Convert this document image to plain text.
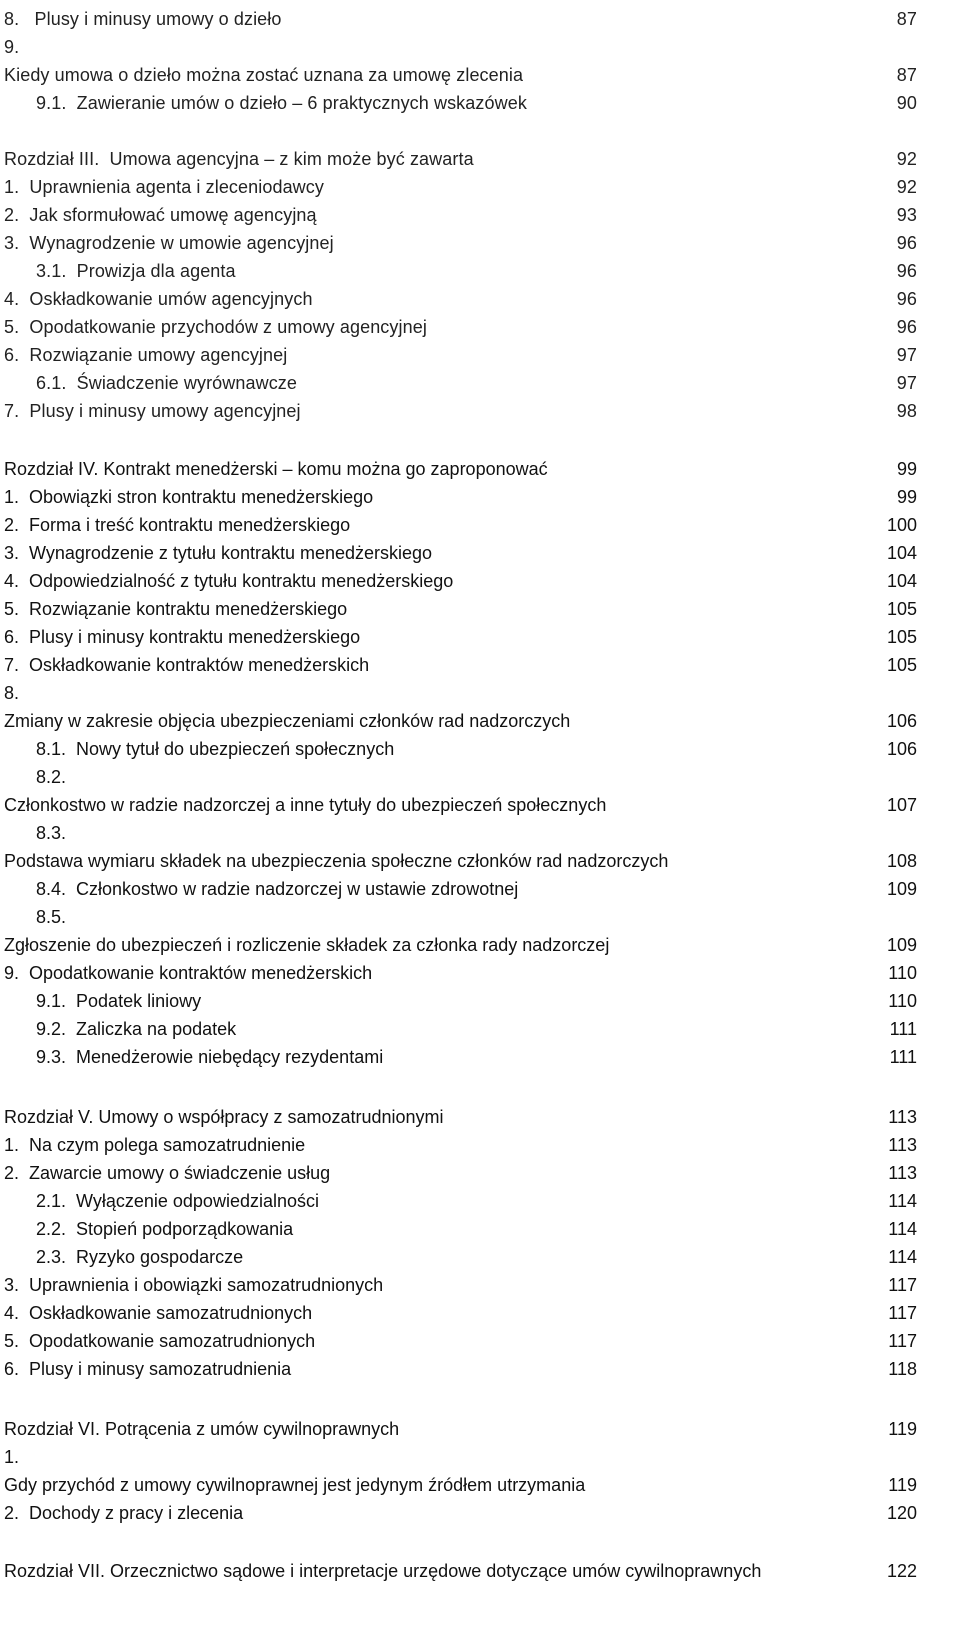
8.   Plusy i minusy umowy o dzieło	87
9.
Kiedy umowa o dzieło można zostać uznana za umowę zlecenia	87
9.1.  Zawieranie umów o dzieło – 6 praktycznych wskazówek	90
Rozdział III.  Umowa agencyjna – z kim może być zawarta	92
1.  Uprawnienia agenta i zleceniodawcy	92
2.  Jak sformułować umowę agencyjną	93
3.  Wynagrodzenie w umowie agencyjnej	96
3.1.  Prowizja dla agenta	96
4.  Oskładkowanie umów agencyjnych	96
5.  Opodatkowanie przychodów z umowy agencyjnej	96
6.  Rozwiązanie umowy agencyjnej	97
6.1.  Świadczenie wyrównawcze	97
7.  Plusy i minusy umowy agencyjnej	98
Rozdział IV. Kontrakt menedżerski – komu można go zaproponować	99
1.  Obowiązki stron kontraktu menedżerskiego	99
2.  Forma i treść kontraktu menedżerskiego	100
3.  Wynagrodzenie z tytułu kontraktu menedżerskiego	104
4.  Odpowiedzialność z tytułu kontraktu menedżerskiego	104
5.  Rozwiązanie kontraktu menedżerskiego	105
6.  Plusy i minusy kontraktu menedżerskiego	105
7.  Oskładkowanie kontraktów menedżerskich	105
8.
Zmiany w zakresie objęcia ubezpieczeniami członków rad nadzorczych	106
8.1.  Nowy tytuł do ubezpieczeń społecznych	106
8.2.
Członkostwo w radzie nadzorczej a inne tytuły do ubezpieczeń społecznych	107
8.3.
Podstawa wymiaru składek na ubezpieczenia społeczne członków rad nadzorczych	108
8.4.  Członkostwo w radzie nadzorczej w ustawie zdrowotnej	109
8.5.
Zgłoszenie do ubezpieczeń i rozliczenie składek za członka rady nadzorczej	109
9.  Opodatkowanie kontraktów menedżerskich	110
9.1.  Podatek liniowy	110
9.2.  Zaliczka na podatek	111
9.3.  Menedżerowie niebędący rezydentami	111
Rozdział V. Umowy o współpracy z samozatrudnionymi	113
1.  Na czym polega samozatrudnienie	113
2.  Zawarcie umowy o świadczenie usług	113
2.1.  Wyłączenie odpowiedzialności	114
2.2.  Stopień podporządkowania	114
2.3.  Ryzyko gospodarcze	114
3.  Uprawnienia i obowiązki samozatrudnionych	117
4.  Oskładkowanie samozatrudnionych	117
5.  Opodatkowanie samozatrudnionych	117
6.  Plusy i minusy samozatrudnienia	118
Rozdział VI. Potrącenia z umów cywilnoprawnych	119
1.
Gdy przychód z umowy cywilnoprawnej jest jedynym źródłem utrzymania	119
2.  Dochody z pracy i zlecenia	120
Rozdział VII. Orzecznictwo sądowe i interpretacje urzędowe dotyczące umów cywilnoprawnych	122
